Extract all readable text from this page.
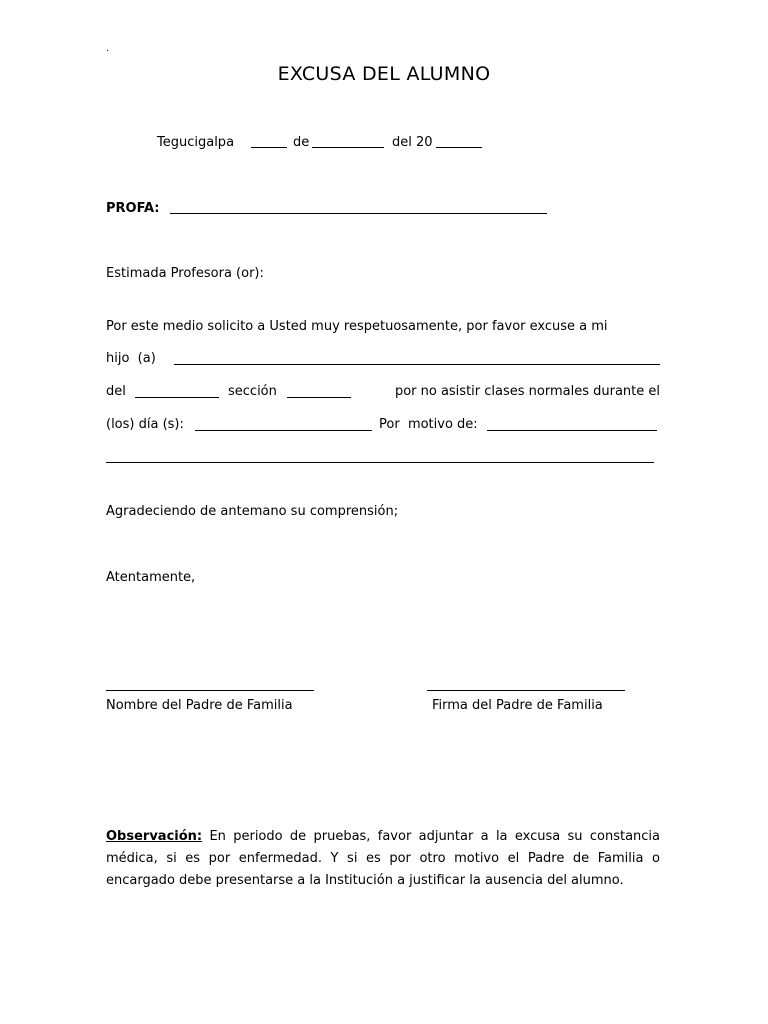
.
EXCUSA DEL ALUMNO
Tegucigalpa	de	del 20
PROFA:
Estimada Profesora (or):
Por este medio solicito a Usted muy respetuosamente, por favor excuse a mi
hijo  (a)
del	sección	por no asistir clases normales durante el
(los) día (s):	Por  motivo de:
Agradeciendo de antemano su comprensión;
Atentamente,
Nombre del Padre de Familia	Firma del Padre de Familia
Observación: En periodo de pruebas, favor adjuntar a la excusa su constancia médica, si es por enfermedad. Y si es por otro motivo el Padre de Familia o encargado debe presentarse a la Institución a justificar la ausencia del alumno.
